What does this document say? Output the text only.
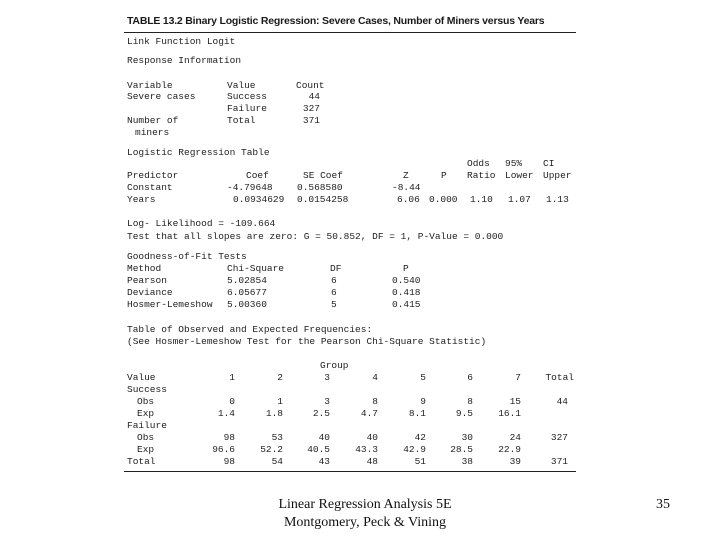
TABLE 13.2 Binary Logistic Regression: Severe Cases, Number of Miners versus Years
Link Function Logit
Response Information
Variable	Value	Count
Severe cases	Success	44
Failure	327
Number of	Total	371
miners
Logistic Regression Table
Odds 95% CI
Predictor	Coef	SE Coef	Z	P Ratio Lower Upper
Constant	-4.79648	0.568580	-8.44
Years	0.0934629 0.0154258	6.06 0.000 1.10 1.07 1.13
Log- Likelihood = -109.664
Test that all slopes are zero: G = 50.852, DF = 1, P-Value = 0.000
Goodness-of-Fit Tests
Method	Chi-Square	DF	P
Pearson	5.02854	6	0.540
Deviance	6.05677	6	0.418
Hosmer-Lemeshow 5.00360	5	0.415
Table of Observed and Expected Frequencies:
(See Hosmer-Lemeshow Test for the Pearson Chi-Square Statistic)
Group
Value	1	2	3	4	5	6	7	Total
Success
Obs	0	1	3	8	9	8	15	44
Exp	1.4	1.8	2.5	4.7	8.1	9.5	16.1
Failure
Obs	98	53	40	40	42	30	24	327
Exp	96.6	52.2	40.5	43.3	42.9	28.5	22.9
Total	98	54	43	48	51	38	39	371
Linear Regression Analysis 5E
Montgomery, Peck & Vining
35
